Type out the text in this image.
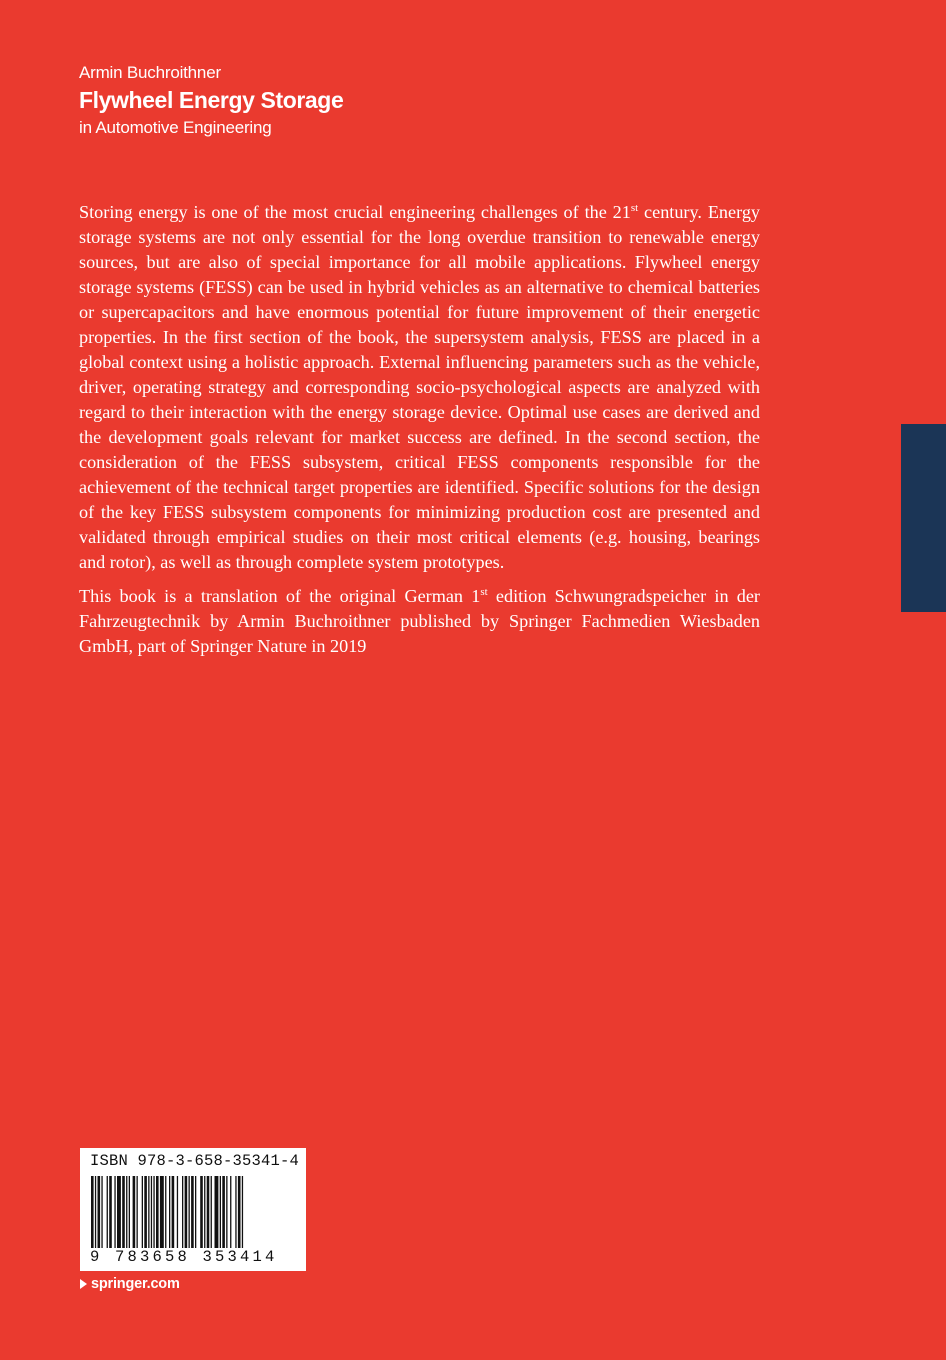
Armin Buchroithner
Flywheel Energy Storage
in Automotive Engineering

Storing energy is one of the most crucial engineering challenges of the 21st century. Energy storage systems are not only essential for the long overdue transition to renewable energy sources, but are also of special importance for all mobile applications. Flywheel energy storage systems (FESS) can be used in hybrid vehicles as an alternative to chemical batteries or supercapacitors and have enormous potential for future improvement of their energetic properties. In the first section of the book, the supersystem analysis, FESS are placed in a global context using a holistic approach. External influencing parameters such as the vehicle, driver, operating strategy and corresponding socio-psychological aspects are analyzed with regard to their interaction with the energy storage device. Optimal use cases are derived and the development goals relevant for market success are defined. In the second section, the consideration of the FESS subsystem, critical FESS components responsible for the achievement of the technical target properties are identified. Specific solutions for the design of the key FESS subsystem components for minimizing production cost are presented and validated through empirical studies on their most critical elements (e.g. housing, bearings and rotor), as well as through complete system prototypes.

This book is a translation of the original German 1st edition Schwungradspeicher in der Fahrzeugtechnik by Armin Buchroithner published by Springer Fachmedien Wiesbaden GmbH, part of Springer Nature in 2019

ISBN 978-3-658-35341-4
9 783658 353414
springer.com
